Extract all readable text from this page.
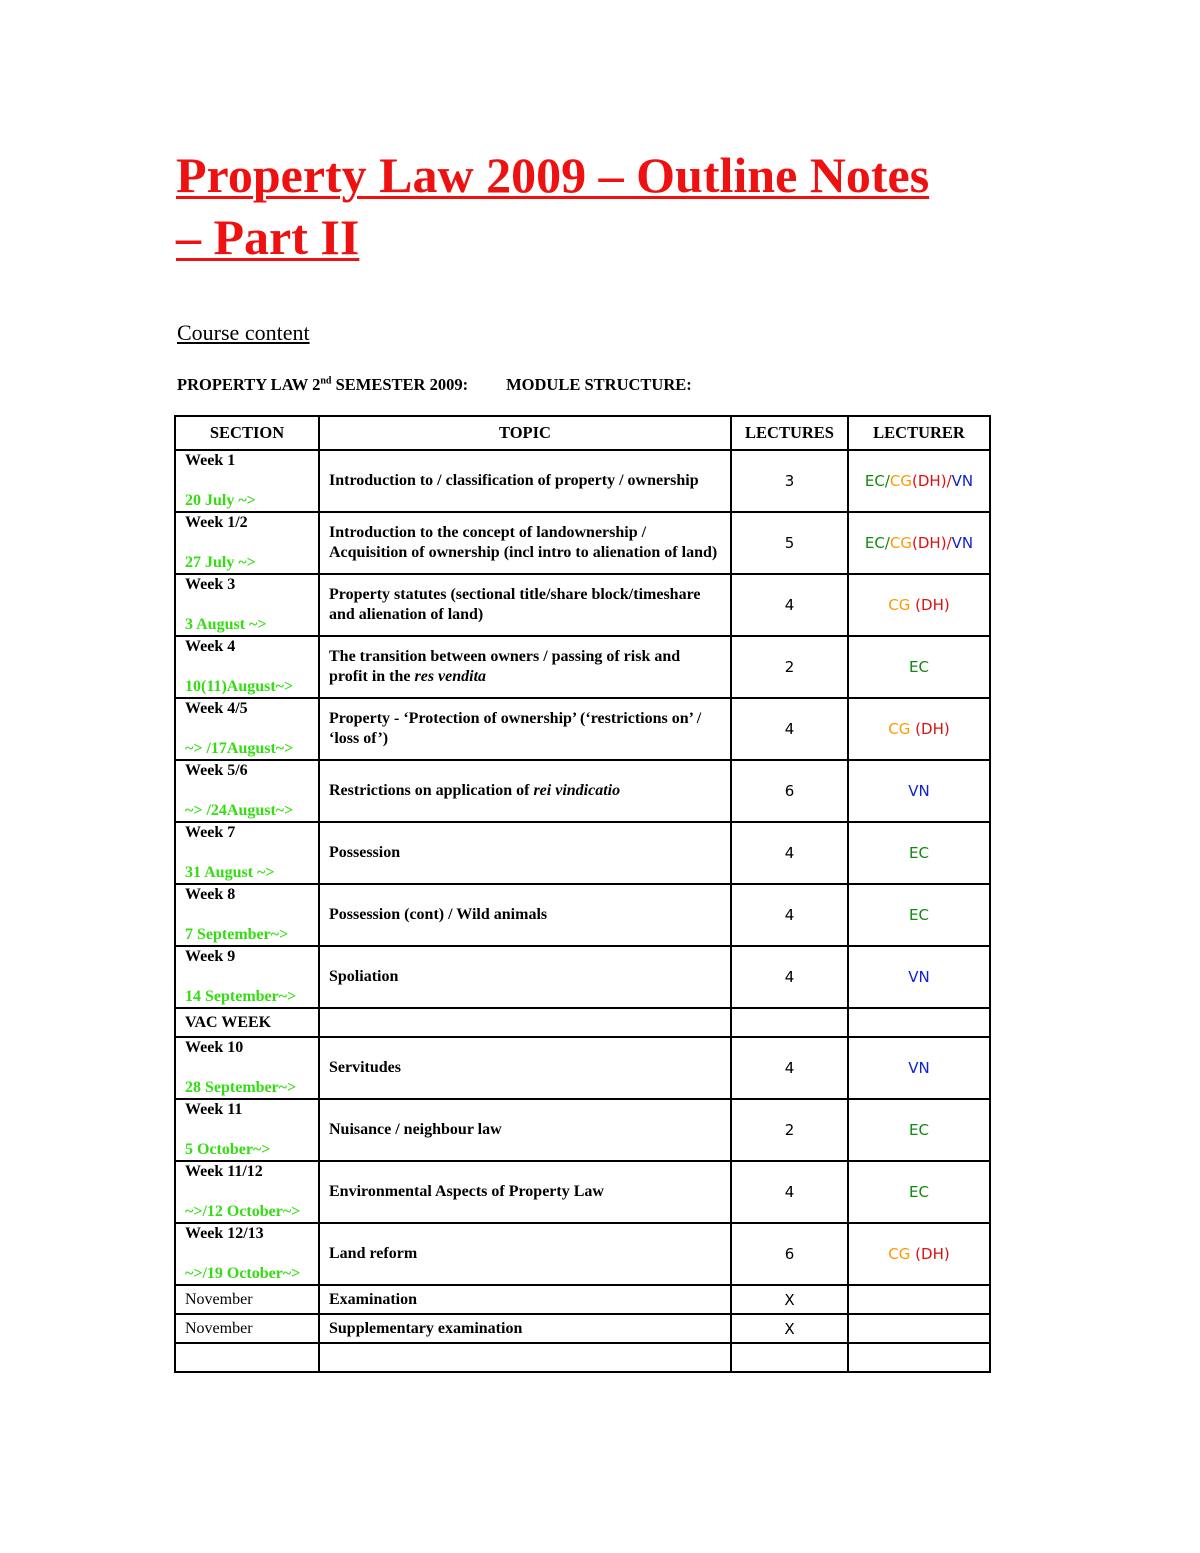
Property Law 2009 – Outline Notes – Part II

Course content

PROPERTY LAW 2nd SEMESTER 2009: MODULE STRUCTURE:

SECTION	TOPIC	LECTURES	LECTURER

Week 1
20 July ~>	Introduction to / classification of property / ownership	3	EC/CG(DH)/VN

Week 1/2
27 July ~>	Introduction to the concept of landownership / Acquisition of ownership (incl intro to alienation of land)	5	EC/CG(DH)/VN

Week 3
3 August ~>	Property statutes (sectional title/share block/timeshare and alienation of land)	4	CG (DH)

Week 4
10(11)August~>	The transition between owners / passing of risk and profit in the res vendita	2	EC

Week 4/5
~> /17August~>	Property - ‘Protection of ownership’ (‘restrictions on’ / ‘loss of’)	4	CG (DH)

Week 5/6
~> /24August~>	Restrictions on application of rei vindicatio	6	VN

Week 7
31 August ~>	Possession	4	EC

Week 8
7 September~>	Possession (cont) / Wild animals	4	EC

Week 9
14 September~>	Spoliation	4	VN
VAC WEEK			

Week 10
28 September~>	Servitudes	4	VN

Week 11
5 October~>	Nuisance / neighbour law	2	EC

Week 11/12
~>/12 October~>	Environmental Aspects of Property Law	4	EC

Week 12/13
~>/19 October~>	Land reform	6	CG (DH)
November	Examination	X	
November	Supplementary examination	X	
